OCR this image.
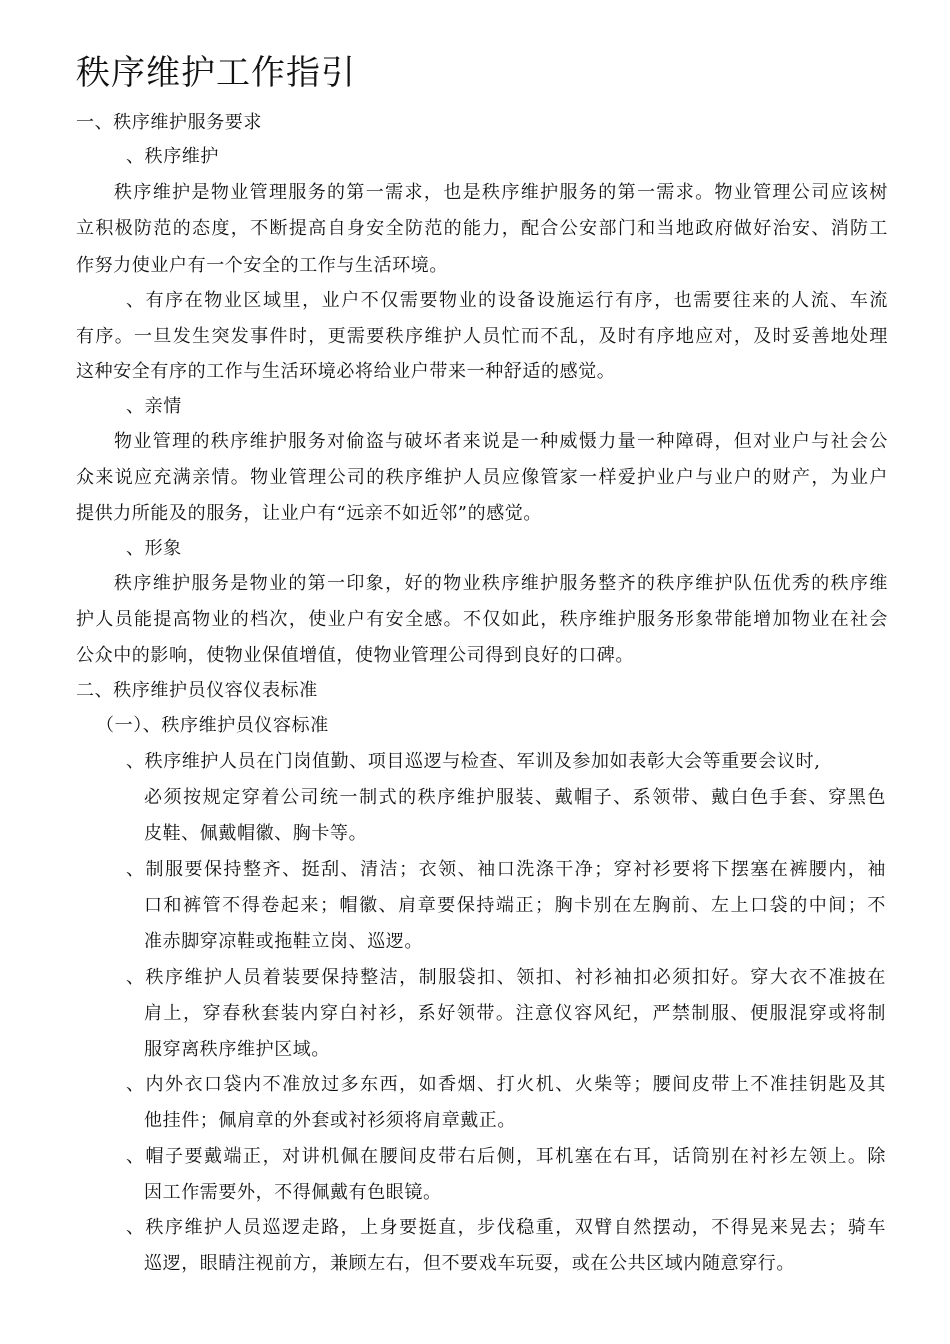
秩序维护工作指引
一、秩序维护服务要求
、秩序维护
秩序维护是物业管理服务的第一需求，也是秩序维护服务的第一需求。物业管理公司应该树
立积极防范的态度，不断提高自身安全防范的能力，配合公安部门和当地政府做好治安、消防工
作努力使业户有一个安全的工作与生活环境。
、有序在物业区域里，业户不仅需要物业的设备设施运行有序，也需要往来的人流、车流
有序。一旦发生突发事件时，更需要秩序维护人员忙而不乱，及时有序地应对，及时妥善地处理
这种安全有序的工作与生活环境必将给业户带来一种舒适的感觉。
、亲情
物业管理的秩序维护服务对偷盗与破坏者来说是一种威慑力量一种障碍，但对业户与社会公
众来说应充满亲情。物业管理公司的秩序维护人员应像管家一样爱护业户与业户的财产，为业户
提供力所能及的服务，让业户有“远亲不如近邻”的感觉。
、形象
秩序维护服务是物业的第一印象，好的物业秩序维护服务整齐的秩序维护队伍优秀的秩序维
护人员能提高物业的档次，使业户有安全感。不仅如此，秩序维护服务形象带能增加物业在社会
公众中的影响，使物业保值增值，使物业管理公司得到良好的口碑。
二、秩序维护员仪容仪表标准
（一）、秩序维护员仪容标准
、秩序维护人员在门岗值勤、项目巡逻与检查、军训及参加如表彰大会等重要会议时,
必须按规定穿着公司统一制式的秩序维护服装、戴帽子、系领带、戴白色手套、穿黑色
皮鞋、佩戴帽徽、胸卡等。
、制服要保持整齐、挺刮、清洁；衣领、袖口洗涤干净；穿衬衫要将下摆塞在裤腰内，袖
口和裤管不得卷起来；帽徽、肩章要保持端正；胸卡别在左胸前、左上口袋的中间；不
准赤脚穿凉鞋或拖鞋立岗、巡逻。
、秩序维护人员着装要保持整洁，制服袋扣、领扣、衬衫袖扣必须扣好。穿大衣不准披在
肩上，穿春秋套装内穿白衬衫，系好领带。注意仪容风纪，严禁制服、便服混穿或将制
服穿离秩序维护区域。
、内外衣口袋内不准放过多东西，如香烟、打火机、火柴等；腰间皮带上不准挂钥匙及其
他挂件；佩肩章的外套或衬衫须将肩章戴正。
、帽子要戴端正，对讲机佩在腰间皮带右后侧，耳机塞在右耳，话筒别在衬衫左领上。除
因工作需要外，不得佩戴有色眼镜。
、秩序维护人员巡逻走路，上身要挺直，步伐稳重，双臂自然摆动，不得晃来晃去；骑车
巡逻，眼睛注视前方，兼顾左右，但不要戏车玩耍，或在公共区域内随意穿行。
